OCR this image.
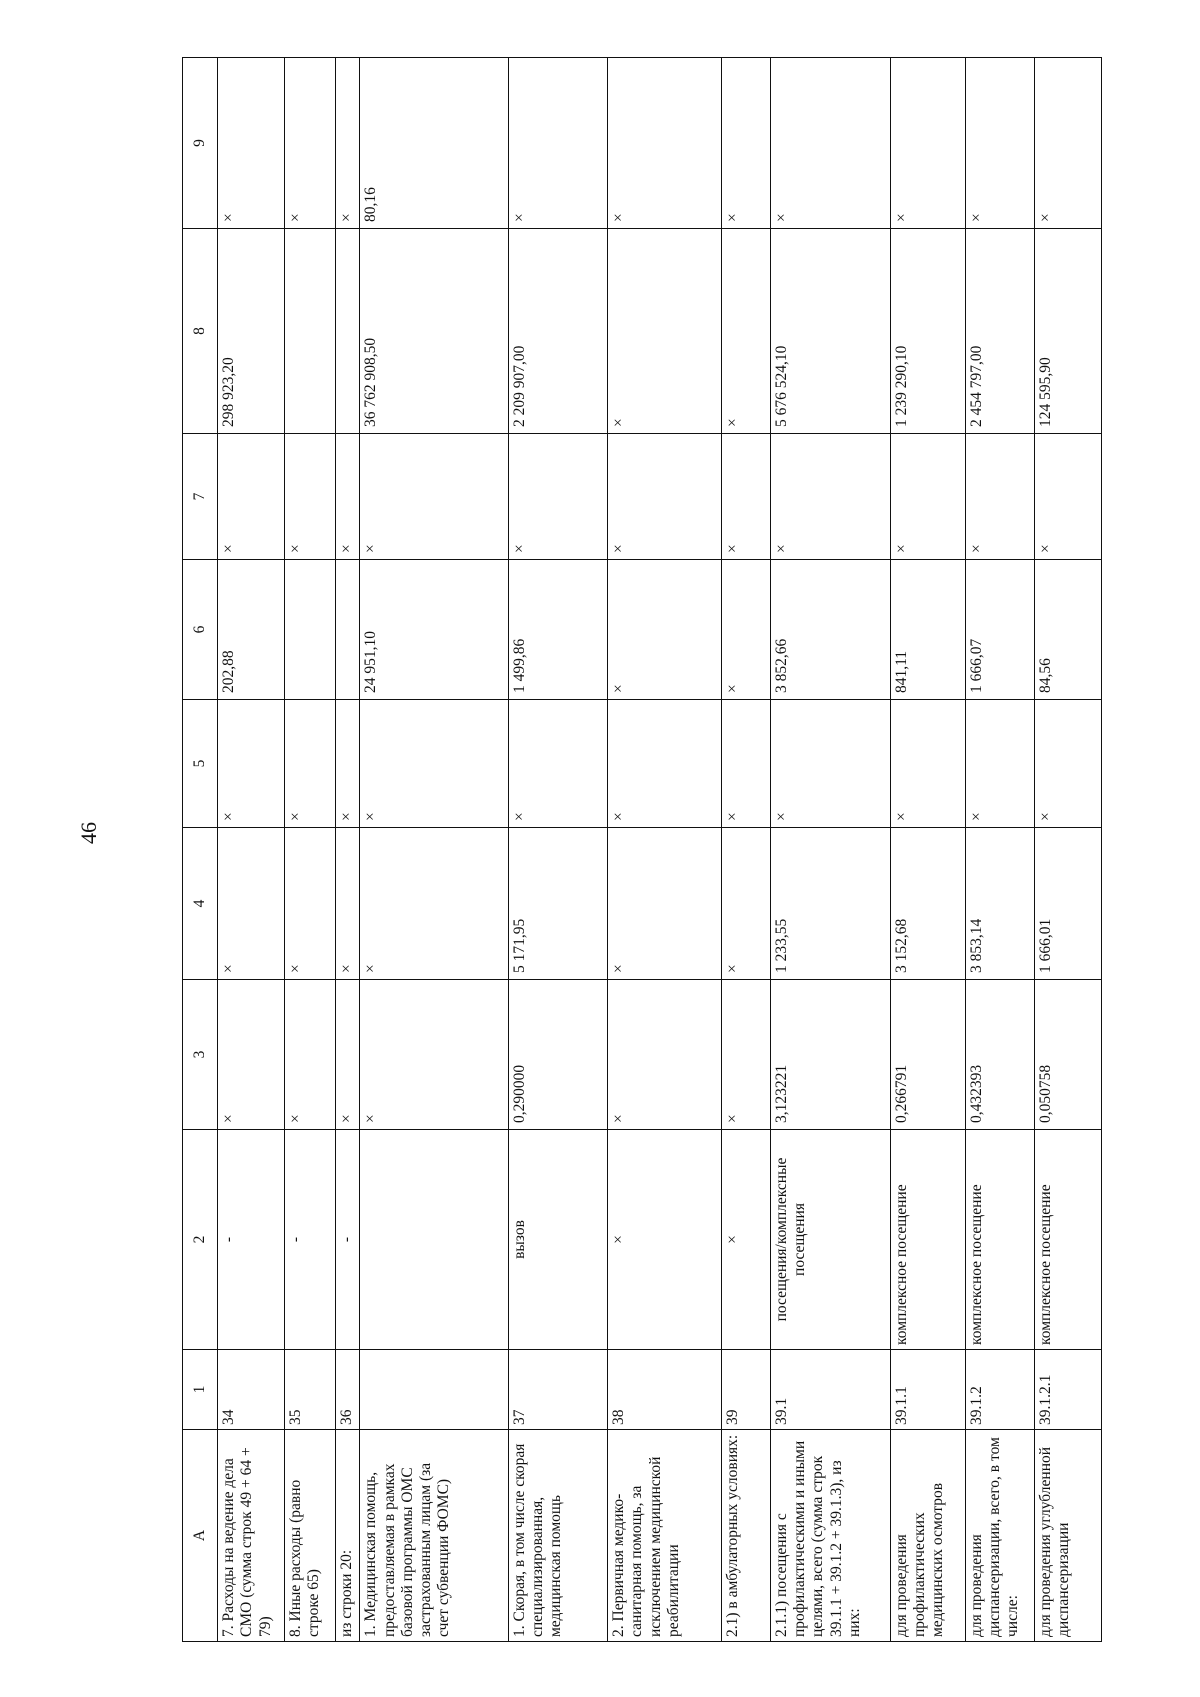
46
А	1	2	3	4	5	6	7	8	9
7. Расходы на ведение дела СМО (сумма строк 49 + 64 + 79)	34	-	×	×	×	202,88	×	298 923,20	×
8. Иные расходы (равно строке 65)	35	-	×	×	×		×		×
из строки 20:	36	-	×	×	×		×		×
1. Медицинская помощь, предоставляемая в рамках базовой программы ОМС застрахованным лицам (за счет субвенции ФОМС)			×	×	×	24 951,10	×	36 762 908,50	80,16
1. Скорая, в том числе скорая специализированная, медицинская помощь	37	вызов	0,290000	5 171,95	×	1 499,86	×	2 209 907,00	×
2. Первичная медико-санитарная помощь, за исключением медицинской реабилитации	38	×	×	×	×	×	×	×	×
2.1) в амбулаторных условиях:	39	×	×	×	×	×	×	×	×
2.1.1) посещения с профилактическими и иными целями, всего (сумма строк 39.1.1 + 39.1.2 + 39.1.3), из них:	39.1	посещения/комплексные посещения	3,123221	1 233,55	×	3 852,66	×	5 676 524,10	×
для проведения профилактических медицинских осмотров	39.1.1	комплексное посещение	0,266791	3 152,68	×	841,11	×	1 239 290,10	×
для проведения диспансеризации, всего, в том числе:	39.1.2	комплексное посещение	0,432393	3 853,14	×	1 666,07	×	2 454 797,00	×
для проведения углубленной диспансеризации	39.1.2.1	комплексное посещение	0,050758	1 666,01	×	84,56	×	124 595,90	×
